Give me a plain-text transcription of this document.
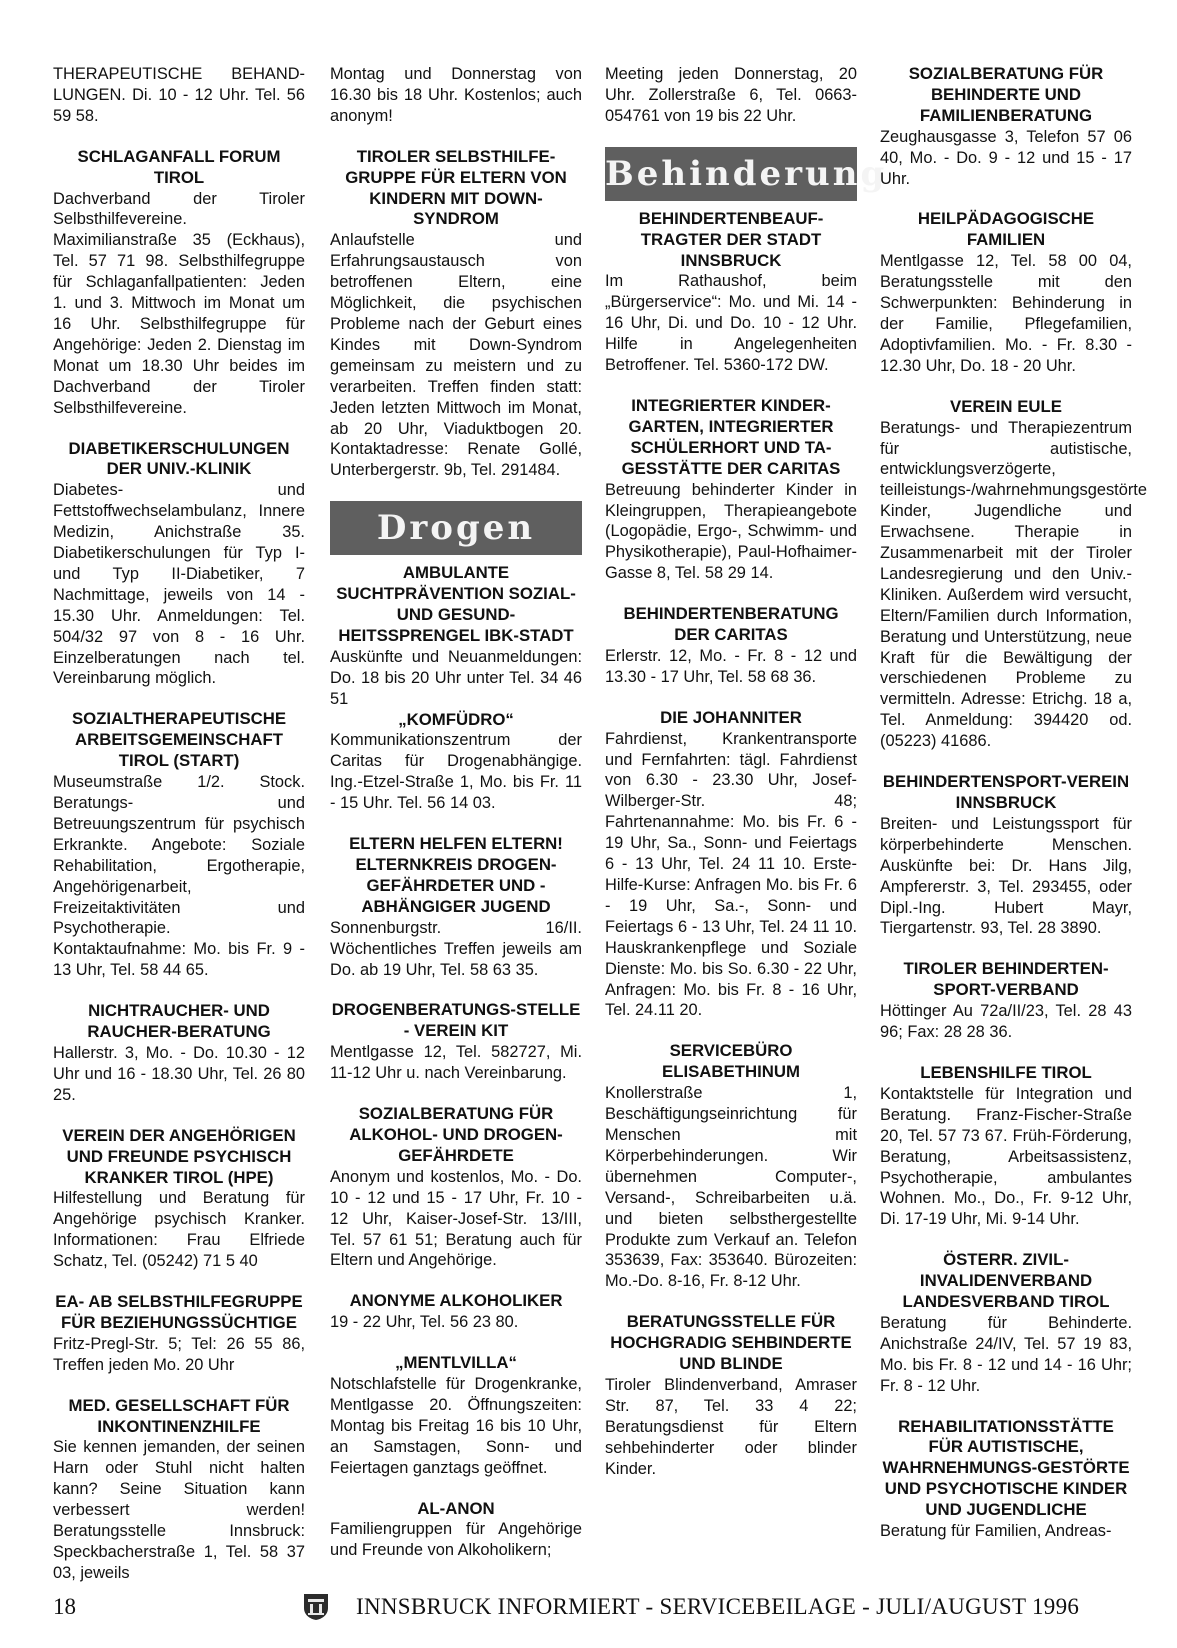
THERAPEUTISCHE BEHAND-LUNGEN. Di. 10 - 12 Uhr. Tel. 56 59 58.
SCHLAGANFALL FORUM TIROL
Dachverband der Tiroler Selbsthilfevereine. Maximilianstraße 35 (Eckhaus), Tel. 57 71 98. Selbsthilfegruppe für Schlaganfallpatienten: Jeden 1. und 3. Mittwoch im Monat um 16 Uhr. Selbsthilfegruppe für Angehörige: Jeden 2. Dienstag im Monat um 18.30 Uhr beides im Dachverband der Tiroler Selbsthilfevereine.
DIABETIKERSCHULUNGEN DER UNIV.-KLINIK
Diabetes- und Fettstoffwechselambulanz, Innere Medizin, Anichstraße 35. Diabetikerschulungen für Typ I- und Typ II-Diabetiker, 7 Nachmittage, jeweils von 14 - 15.30 Uhr. Anmeldungen: Tel. 504/32 97 von 8 - 16 Uhr. Einzelberatungen nach tel. Vereinbarung möglich.
SOZIALTHERAPEUTISCHE ARBEITSGEMEINSCHAFT TIROL (START)
Museumstraße 1/2. Stock. Beratungs- und Betreuungszentrum für psychisch Erkrankte. Angebote: Soziale Rehabilitation, Ergotherapie, Angehörigenarbeit, Freizeitaktivitäten und Psychotherapie. Kontaktaufnahme: Mo. bis Fr. 9 - 13 Uhr, Tel. 58 44 65.
NICHTRAUCHER- UND RAUCHER-BERATUNG
Hallerstr. 3, Mo. - Do. 10.30 - 12 Uhr und 16 - 18.30 Uhr, Tel. 26 80 25.
VEREIN DER ANGEHÖRIGEN UND FREUNDE PSYCHISCH KRANKER TIROL (HPE)
Hilfestellung und Beratung für Angehörige psychisch Kranker. Informationen: Frau Elfriede Schatz, Tel. (05242) 71 5 40
EA- AB SELBSTHILFEGRUPPE FÜR BEZIEHUNGSSÜCHTIGE
Fritz-Pregl-Str. 5; Tel: 26 55 86, Treffen jeden Mo. 20 Uhr
MED. GESELLSCHAFT FÜR INKONTINENZHILFE
Sie kennen jemanden, der seinen Harn oder Stuhl nicht halten kann? Seine Situation kann verbessert werden! Beratungsstelle Innsbruck: Speckbacherstraße 1, Tel. 58 37 03, jeweils
Montag und Donnerstag von 16.30 bis 18 Uhr. Kostenlos; auch anonym!
TIROLER SELBSTHILFE-GRUPPE FÜR ELTERN VON KINDERN MIT DOWN-SYNDROM
Anlaufstelle und Erfahrungsaustausch von betroffenen Eltern, eine Möglichkeit, die psychischen Probleme nach der Geburt eines Kindes mit Down-Syndrom gemeinsam zu meistern und zu verarbeiten. Treffen finden statt: Jeden letzten Mittwoch im Monat, ab 20 Uhr, Viaduktbogen 20. Kontaktadresse: Renate Gollé, Unterbergerstr. 9b, Tel. 291484.
Drogen
AMBULANTE SUCHTPRÄVENTION SOZIAL- UND GESUND-HEITSSPRENGEL IBK-STADT
Auskünfte und Neuanmeldungen: Do. 18 bis 20 Uhr unter Tel. 34 46 51
„KOMFÜDRO“
Kommunikationszentrum der Caritas für Drogenabhängige. Ing.-Etzel-Straße 1, Mo. bis Fr. 11 - 15 Uhr. Tel. 56 14 03.
ELTERN HELFEN ELTERN! ELTERNKREIS DROGEN-GEFÄHRDETER UND -ABHÄNGIGER JUGEND
Sonnenburgstr. 16/II. Wöchentliches Treffen jeweils am Do. ab 19 Uhr, Tel. 58 63 35.
DROGENBERATUNGS-STELLE - VEREIN KIT
Mentlgasse 12, Tel. 582727, Mi. 11-12 Uhr u. nach Vereinbarung.
SOZIALBERATUNG FÜR ALKOHOL- UND DROGEN-GEFÄHRDETE
Anonym und kostenlos, Mo. - Do. 10 - 12 und 15 - 17 Uhr, Fr. 10 - 12 Uhr, Kaiser-Josef-Str. 13/III, Tel. 57 61 51; Beratung auch für Eltern und Angehörige.
ANONYME ALKOHOLIKER
19 - 22 Uhr, Tel. 56 23 80.
„MENTLVILLA“
Notschlafstelle für Drogenkranke, Mentlgasse 20. Öffnungszeiten: Montag bis Freitag 16 bis 10 Uhr, an Samstagen, Sonn- und Feiertagen ganztags geöffnet.
AL-ANON
Familiengruppen für Angehörige und Freunde von Alkoholikern;
Meeting jeden Donnerstag, 20 Uhr. Zollerstraße 6, Tel. 0663-054761 von 19 bis 22 Uhr.
Behinderung
BEHINDERTENBEAUF-TRAGTER DER STADT INNSBRUCK
Im Rathaushof, beim „Bürgerservice“: Mo. und Mi. 14 - 16 Uhr, Di. und Do. 10 - 12 Uhr. Hilfe in Angelegenheiten Betroffener. Tel. 5360-172 DW.
INTEGRIERTER KINDER-GARTEN, INTEGRIERTER SCHÜLERHORT UND TA-GESSTÄTTE DER CARITAS
Betreuung behinderter Kinder in Kleingruppen, Therapieangebote (Logopädie, Ergo-, Schwimm- und Physikotherapie), Paul-Hofhaimer-Gasse 8, Tel. 58 29 14.
BEHINDERTENBERATUNG DER CARITAS
Erlerstr. 12, Mo. - Fr. 8 - 12 und 13.30 - 17 Uhr, Tel. 58 68 36.
DIE JOHANNITER
Fahrdienst, Krankentransporte und Fernfahrten: tägl. Fahrdienst von 6.30 - 23.30 Uhr, Josef-Wilberger-Str. 48; Fahrtenannahme: Mo. bis Fr. 6 - 19 Uhr, Sa., Sonn- und Feiertags 6 - 13 Uhr, Tel. 24 11 10. Erste-Hilfe-Kurse: Anfragen Mo. bis Fr. 6 - 19 Uhr, Sa.-, Sonn- und Feiertags 6 - 13 Uhr, Tel. 24 11 10. Hauskrankenpflege und Soziale Dienste: Mo. bis So. 6.30 - 22 Uhr, Anfragen: Mo. bis Fr. 8 - 16 Uhr, Tel. 24.11 20.
SERVICEBÜRO ELISABETHINUM
Knollerstraße 1, Beschäftigungseinrichtung für Menschen mit Körperbehinderungen. Wir übernehmen Computer-, Versand-, Schreibarbeiten u.ä. und bieten selbsthergestellte Produkte zum Verkauf an. Telefon 353639, Fax: 353640. Bürozeiten: Mo.-Do. 8-16, Fr. 8-12 Uhr.
BERATUNGSSTELLE FÜR HOCHGRADIG SEHBINDERTE UND BLINDE
Tiroler Blindenverband, Amraser Str. 87, Tel. 33 4 22; Beratungsdienst für Eltern sehbehinderter oder blinder Kinder.
SOZIALBERATUNG FÜR BEHINDERTE UND FAMILIENBERATUNG
Zeughausgasse 3, Telefon 57 06 40, Mo. - Do. 9 - 12 und 15 - 17 Uhr.
HEILPÄDAGOGISCHE FAMILIEN
Mentlgasse 12, Tel. 58 00 04, Beratungsstelle mit den Schwerpunkten: Behinderung in der Familie, Pflegefamilien, Adoptivfamilien. Mo. - Fr. 8.30 - 12.30 Uhr, Do. 18 - 20 Uhr.
VEREIN EULE
Beratungs- und Therapiezentrum für autistische, entwicklungsverzögerte, teilleistungs-/wahrnehmungsgestörte Kinder, Jugendliche und Erwachsene. Therapie in Zusammenarbeit mit der Tiroler Landesregierung und den Univ.-Kliniken. Außerdem wird versucht, Eltern/Familien durch Information, Beratung und Unterstützung, neue Kraft für die Bewältigung der verschiedenen Probleme zu vermitteln. Adresse: Etrichg. 18 a, Tel. Anmeldung: 394420 od. (05223) 41686.
BEHINDERTENSPORT-VEREIN INNSBRUCK
Breiten- und Leistungssport für körperbehinderte Menschen. Auskünfte bei: Dr. Hans Jilg, Ampfererstr. 3, Tel. 293455, oder Dipl.-Ing. Hubert Mayr, Tiergartenstr. 93, Tel. 28 3890.
TIROLER BEHINDERTEN-SPORT-VERBAND
Höttinger Au 72a/II/23, Tel. 28 43 96; Fax: 28 28 36.
LEBENSHILFE TIROL
Kontaktstelle für Integration und Beratung. Franz-Fischer-Straße 20, Tel. 57 73 67. Früh-Förderung, Beratung, Arbeitsassistenz, Psychotherapie, ambulantes Wohnen. Mo., Do., Fr. 9-12 Uhr, Di. 17-19 Uhr, Mi. 9-14 Uhr.
ÖSTERR. ZIVIL-INVALIDENVERBAND LANDESVERBAND TIROL
Beratung für Behinderte. Anichstraße 24/IV, Tel. 57 19 83, Mo. bis Fr. 8 - 12 und 14 - 16 Uhr; Fr. 8 - 12 Uhr.
REHABILITATIONSSTÄTTE FÜR AUTISTISCHE, WAHRNEHMUNGS-GESTÖRTE UND PSYCHOTISCHE KINDER UND JUGENDLICHE
Beratung für Familien, Andreas-
18	INNSBRUCK INFORMIERT - SERVICEBEILAGE - JULI/AUGUST 1996
